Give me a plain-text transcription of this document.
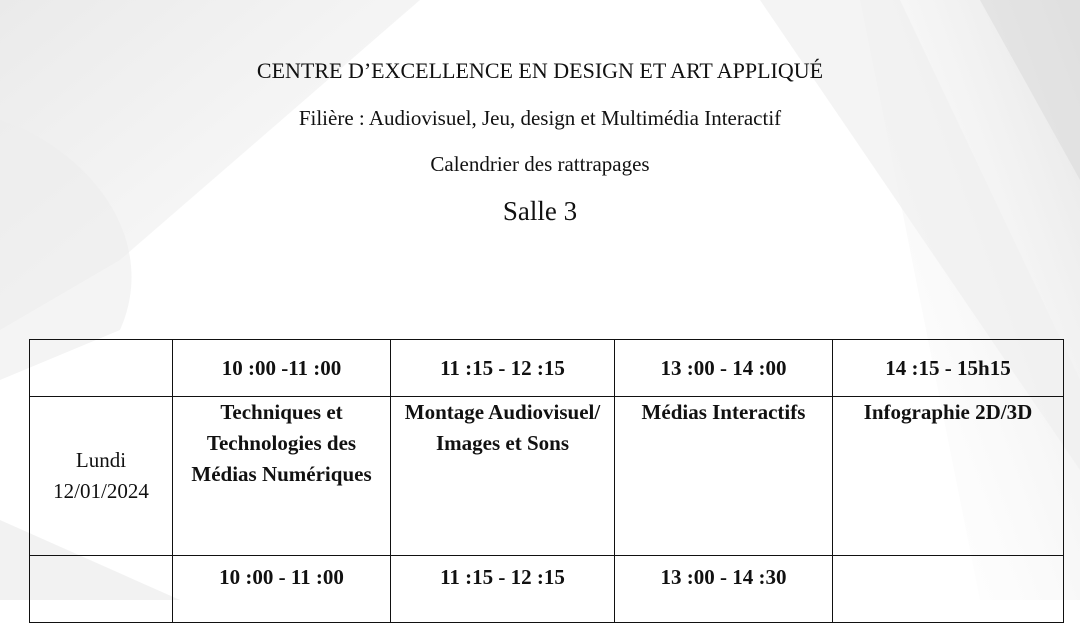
CENTRE D’EXCELLENCE EN DESIGN ET ART APPLIQUÉ
Filière : Audiovisuel, Jeu, design et Multimédia Interactif
Calendrier des rattrapages
Salle 3
	10 :00 -11 :00	11 :15 - 12 :15	13 :00 - 14 :00	14 :15 - 15h15

Lundi
12/01/2024	Techniques et Technologies des Médias Numériques	Montage Audiovisuel/ Images et Sons	Médias Interactifs	Infographie 2D/3D
	10 :00 - 11 :00	11 :15 - 12 :15	13 :00 - 14 :30	
